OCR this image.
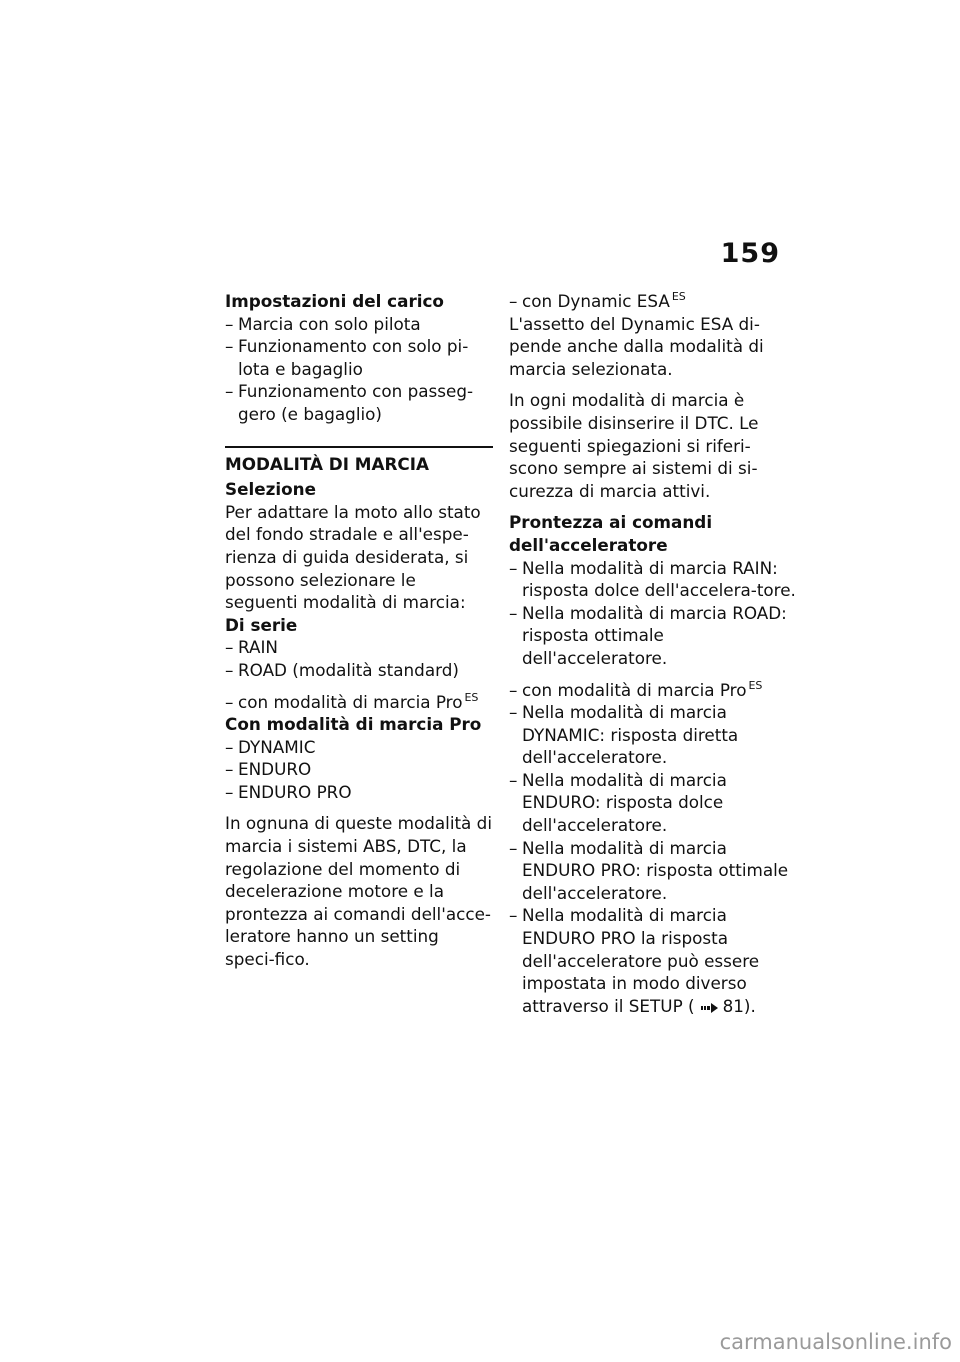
159
Impostazioni del carico
– Marcia con solo pilota
– Funzionamento con solo pi-lota e bagaglio
– Funzionamento con passeg-gero (e bagaglio)
MODALITÀ DI MARCIA
Selezione
Per adattare la moto allo stato del fondo stradale e all'espe-rienza di guida desiderata, si possono selezionare le seguenti modalità di marcia:
Di serie
– RAIN
– ROAD (modalità standard)
– con modalità di marcia Pro $^{ES}$
Con modalità di marcia Pro
– DYNAMIC
– ENDURO
– ENDURO PRO
In ognuna di queste modalità di marcia i sistemi ABS, DTC, la regolazione del momento di decelerazione motore e la prontezza ai comandi dell'acce-leratore hanno un setting speci-fico.
– con Dynamic ESA $^{ES}$
L'assetto del Dynamic ESA di-pende anche dalla modalità di marcia selezionata.
In ogni modalità di marcia è possibile disinserire il DTC. Le seguenti spiegazioni si riferi-scono sempre ai sistemi di si-curezza di marcia attivi.
Prontezza ai comandi dell'acceleratore
– Nella modalità di marcia RAIN: risposta dolce dell'accelera-tore.
– Nella modalità di marcia ROAD: risposta ottimale dell'acceleratore.
– con modalità di marcia Pro $^{ES}$
– Nella modalità di marcia DYNAMIC: risposta diretta dell'acceleratore.
– Nella modalità di marcia ENDURO: risposta dolce dell'acceleratore.
– Nella modalità di marcia ENDURO PRO: risposta ottimale dell'acceleratore.
– Nella modalità di marcia ENDURO PRO la risposta dell'acceleratore può essere impostata in modo diverso attraverso il SETUP ( 81).
carmanualsonline.info
